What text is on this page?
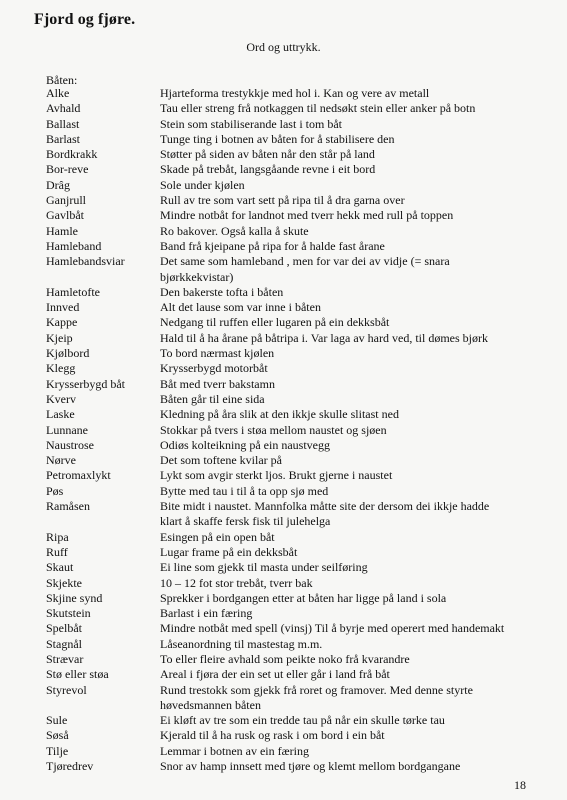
Fjord og fjøre.
Ord og uttrykk.
Båten:
Alke	Hjarteforma trestykkje med hol i. Kan og vere av metall
Avhald	Tau eller streng frå notkaggen til nedsøkt stein eller anker på botn
Ballast	Stein som stabiliserande last i tom båt
Barlast	Tunge ting i botnen av båten for å stabilisere den
Bordkrakk	Støtter på siden av båten når den står på land
Bor-reve	Skade på trebåt, langsgåande revne i eit bord
Drâg	Sole under kjølen
Ganjrull	Rull av tre som vart sett på ripa til å dra garna over
Gavlbåt	Mindre notbåt for landnot med tverr hekk med rull på toppen
Hamle	Ro bakover. Også kalla å skute
Hamleband	Band frå kjeipane på ripa for å halde fast årane
Hamlebandsviar	Det same som hamleband , men for var dei av vidje (= snara
bjørkkekvistar)
Hamletofte	Den bakerste tofta i båten
Innved	Alt det lause som var inne i båten
Kappe	Nedgang til ruffen eller lugaren på ein dekksbåt
Kjeip	Hald til å ha årane på båtripa i. Var laga av hard ved, til dømes bjørk
Kjølbord	To bord nærmast kjølen
Klegg	Krysserbygd motorbåt
Krysserbygd båt	Båt med tverr bakstamn
Kverv	Båten går til eine sida
Laske	Kledning på åra slik at den ikkje skulle slitast ned
Lunnane	Stokkar på tvers i støa mellom naustet og sjøen
Naustrose	Odiøs kolteikning på ein naustvegg
Nørve	Det som toftene kvilar på
Petromaxlykt	Lykt som avgir sterkt ljos. Brukt gjerne i naustet
Pøs	Bytte med tau i til å ta opp sjø med
Ramåsen	Bite midt i naustet. Mannfolka måtte site der dersom dei ikkje hadde
klart å skaffe fersk fisk til julehelga
Ripa	Esingen på ein open båt
Ruff	Lugar frame på ein dekksbåt
Skaut	Ei line som gjekk til masta under seilføring
Skjekte	10 – 12 fot stor trebåt, tverr bak
Skjine synd	Sprekker i bordgangen etter at båten har ligge på land i sola
Skutstein	Barlast i ein færing
Spelbåt	Mindre notbåt med spell (vinsj) Til å byrje med operert med handemakt
Stagnål	Låseanordning til mastestag m.m.
Strævar	To eller fleire avhald som peikte noko frå kvarandre
Stø eller støa	Areal i fjøra der ein set ut eller går i land frå båt
Styrevol	Rund trestokk som gjekk frå roret og framover. Med denne styrte
høvedsmannen båten
Sule	Ei kløft av tre som ein tredde tau på når ein skulle tørke tau
Søså	Kjerald til å ha rusk og rask i om bord i ein båt
Tilje	Lemmar i botnen av ein færing
Tjøredrev	Snor av hamp innsett med tjøre og klemt mellom bordgangane
18
